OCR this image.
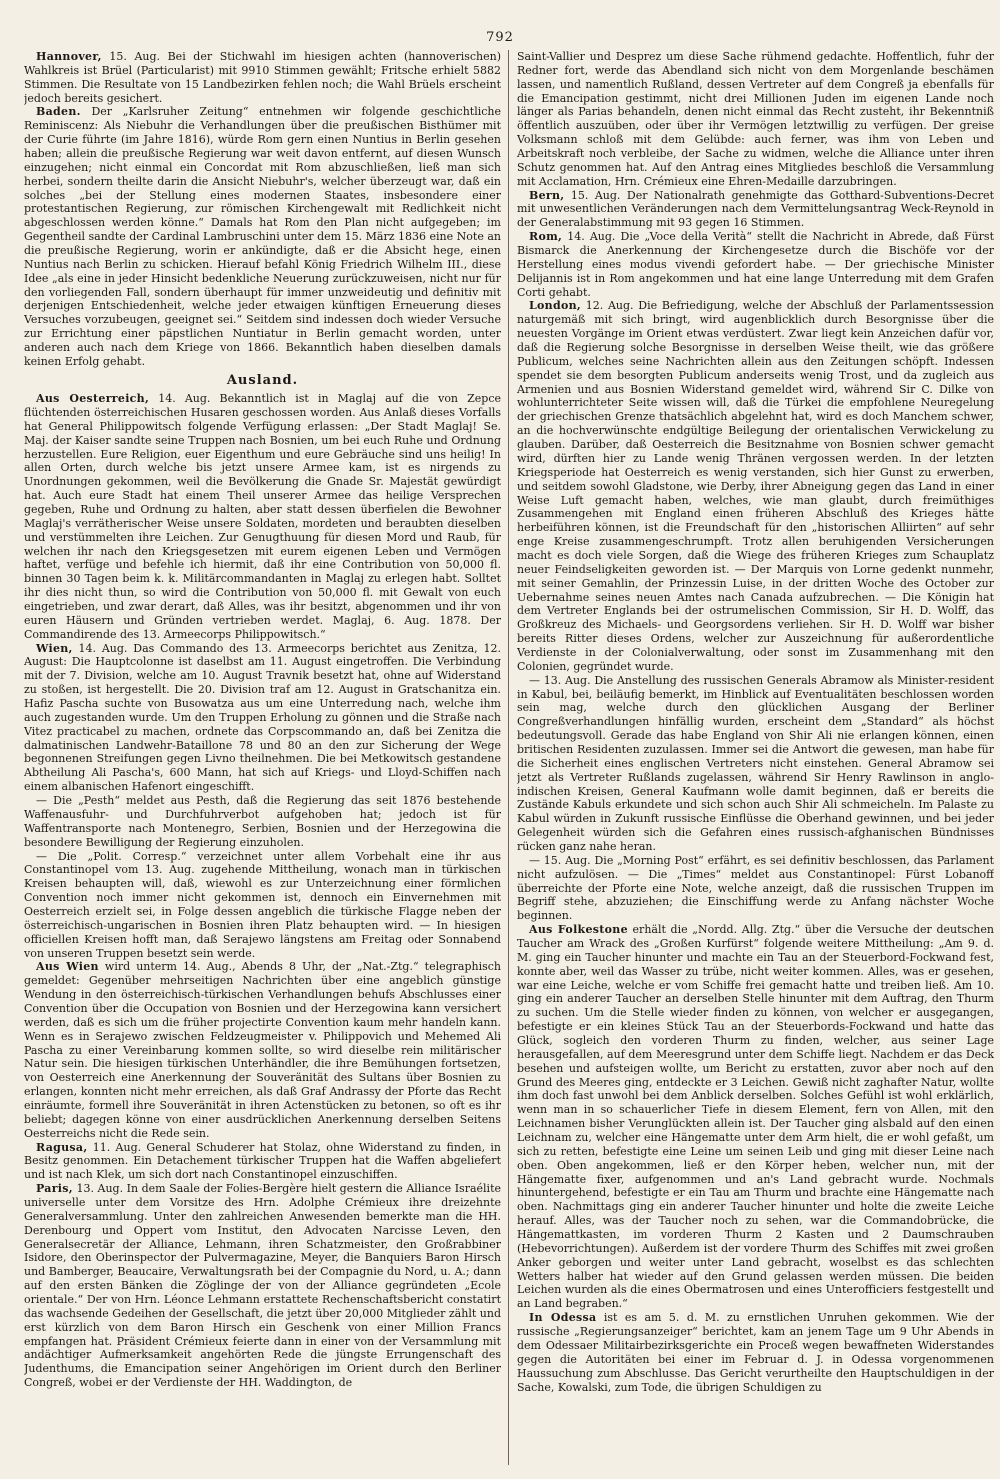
792

Hannover, 15. Aug. Bei der Stichwahl im hiesigen achten (hannoverischen) Wahlkreis ist Brüel (Particularist) mit 9910 Stimmen gewählt; Fritsche erhielt 5882 Stimmen. Die Resultate von 15 Landbezirken fehlen noch; die Wahl Brüels erscheint jedoch bereits gesichert.

Baden. Der „Karlsruher Zeitung“ entnehmen wir folgende geschichtliche Reminiscenz: Als Niebuhr die Verhandlungen über die preußischen Bisthümer mit der Curie führte (im Jahre 1816), würde Rom gern einen Nuntius in Berlin gesehen haben; allein die preußische Regierung war weit davon entfernt, auf diesen Wunsch einzugehen; nicht einmal ein Concordat mit Rom abzuschließen, ließ man sich herbei, sondern theilte darin die Ansicht Niebuhr's, welcher überzeugt war, daß ein solches „bei der Stellung eines modernen Staates, insbesondere einer protestantischen Regierung, zur römischen Kirchengewalt mit Redlichkeit nicht abgeschlossen werden könne.“ Damals hat Rom den Plan nicht aufgegeben; im Gegentheil sandte der Cardinal Lambruschini unter dem 15. März 1836 eine Note an die preußische Regierung, worin er ankündigte, daß er die Absicht hege, einen Nuntius nach Berlin zu schicken. Hierauf befahl König Friedrich Wilhelm III., diese Idee „als eine in jeder Hinsicht bedenkliche Neuerung zurückzuweisen, nicht nur für den vorliegenden Fall, sondern überhaupt für immer unzweideutig und definitiv mit derjenigen Entschiedenheit, welche jeder etwaigen künftigen Erneuerung dieses Versuches vorzubeugen, geeignet sei.“ Seitdem sind indessen doch wieder Versuche zur Errichtung einer päpstlichen Nuntiatur in Berlin gemacht worden, unter anderen auch nach dem Kriege von 1866. Bekanntlich haben dieselben damals keinen Erfolg gehabt.

Ausland.

Aus Oesterreich, 14. Aug. Bekanntlich ist in Maglaj auf die von Zepce flüchtenden österreichischen Husaren geschossen worden. Aus Anlaß dieses Vorfalls hat General Philippowitsch folgende Verfügung erlassen: „Der Stadt Maglaj! Se. Maj. der Kaiser sandte seine Truppen nach Bosnien, um bei euch Ruhe und Ordnung herzustellen. Eure Religion, euer Eigenthum und eure Gebräuche sind uns heilig! In allen Orten, durch welche bis jetzt unsere Armee kam, ist es nirgends zu Unordnungen gekommen, weil die Bevölkerung die Gnade Sr. Majestät gewürdigt hat. Auch eure Stadt hat einem Theil unserer Armee das heilige Versprechen gegeben, Ruhe und Ordnung zu halten, aber statt dessen überfielen die Bewohner Maglaj's verrätherischer Weise unsere Soldaten, mordeten und beraubten dieselben und verstümmelten ihre Leichen. Zur Genugthuung für diesen Mord und Raub, für welchen ihr nach den Kriegsgesetzen mit eurem eigenen Leben und Vermögen haftet, verfüge und befehle ich hiermit, daß ihr eine Contribution von 50,000 fl. binnen 30 Tagen beim k. k. Militärcommandanten in Maglaj zu erlegen habt. Solltet ihr dies nicht thun, so wird die Contribution von 50,000 fl. mit Gewalt von euch eingetrieben, und zwar derart, daß Alles, was ihr besitzt, abgenommen und ihr von euren Häusern und Gründen vertrieben werdet. Maglaj, 6. Aug. 1878. Der Commandirende des 13. Armeecorps Philippowitsch.“

Wien, 14. Aug. Das Commando des 13. Armeecorps berichtet aus Zenitza, 12. August: Die Hauptcolonne ist daselbst am 11. August eingetroffen. Die Verbindung mit der 7. Division, welche am 10. August Travnik besetzt hat, ohne auf Widerstand zu stoßen, ist hergestellt. Die 20. Division traf am 12. August in Gratschanitza ein. Hafiz Pascha suchte von Busowatza aus um eine Unterredung nach, welche ihm auch zugestanden wurde. Um den Truppen Erholung zu gönnen und die Straße nach Vitez practicabel zu machen, ordnete das Corpscommando an, daß bei Zenitza die dalmatinischen Landwehr-Bataillone 78 und 80 an den zur Sicherung der Wege begonnenen Streifungen gegen Livno theilnehmen. Die bei Metkowitsch gestandene Abtheilung Ali Pascha's, 600 Mann, hat sich auf Kriegs- und Lloyd-Schiffen nach einem albanischen Hafenort eingeschifft.

— Die „Pesth“ meldet aus Pesth, daß die Regierung das seit 1876 bestehende Waffenausfuhr- und Durchfuhrverbot aufgehoben hat; jedoch ist für Waffentransporte nach Montenegro, Serbien, Bosnien und der Herzegowina die besondere Bewilligung der Regierung einzuholen.

— Die „Polit. Corresp.“ verzeichnet unter allem Vorbehalt eine ihr aus Constantinopel vom 13. Aug. zugehende Mittheilung, wonach man in türkischen Kreisen behaupten will, daß, wiewohl es zur Unterzeichnung einer förmlichen Convention noch immer nicht gekommen ist, dennoch ein Einvernehmen mit Oesterreich erzielt sei, in Folge dessen angeblich die türkische Flagge neben der österreichisch-ungarischen in Bosnien ihren Platz behaupten wird. — In hiesigen officiellen Kreisen hofft man, daß Serajewo längstens am Freitag oder Sonnabend von unseren Truppen besetzt sein werde.

Aus Wien wird unterm 14. Aug., Abends 8 Uhr, der „Nat.-Ztg.“ telegraphisch gemeldet: Gegenüber mehrseitigen Nachrichten über eine angeblich günstige Wendung in den österreichisch-türkischen Verhandlungen behufs Abschlusses einer Convention über die Occupation von Bosnien und der Herzegowina kann versichert werden, daß es sich um die früher projectirte Convention kaum mehr handeln kann. Wenn es in Serajewo zwischen Feldzeugmeister v. Philippovich und Mehemed Ali Pascha zu einer Vereinbarung kommen sollte, so wird dieselbe rein militärischer Natur sein. Die hiesigen türkischen Unterhändler, die ihre Bemühungen fortsetzen, von Oesterreich eine Anerkennung der Souveränität des Sultans über Bosnien zu erlangen, konnten nicht mehr erreichen, als daß Graf Andrassy der Pforte das Recht einräumte, formell ihre Souveränität in ihren Actenstücken zu betonen, so oft es ihr beliebt; dagegen könne von einer ausdrücklichen Anerkennung derselben Seitens Oesterreichs nicht die Rede sein.

Ragusa, 11. Aug. General Schuderer hat Stolaz, ohne Widerstand zu finden, in Besitz genommen. Ein Detachement türkischer Truppen hat die Waffen abgeliefert und ist nach Klek, um sich dort nach Constantinopel einzuschiffen.

Paris, 13. Aug. In dem Saale der Folies-Bergère hielt gestern die Alliance Israélite universelle unter dem Vorsitze des Hrn. Adolphe Crémieux ihre dreizehnte Generalversammlung. Unter den zahlreichen Anwesenden bemerkte man die HH. Derenbourg und Oppert vom Institut, den Advocaten Narcisse Leven, den Generalsecretär der Alliance, Lehmann, ihren Schatzmeister, den Großrabbiner Isidore, den Oberinspector der Pulvermagazine, Meyer, die Banquiers Baron Hirsch und Bamberger, Beaucaire, Verwaltungsrath bei der Compagnie du Nord, u. A.; dann auf den ersten Bänken die Zöglinge der von der Alliance gegründeten „Ecole orientale.“ Der von Hrn. Léonce Lehmann erstattete Rechenschaftsbericht constatirt das wachsende Gedeihen der Gesellschaft, die jetzt über 20,000 Mitglieder zählt und erst kürzlich von dem Baron Hirsch ein Geschenk von einer Million Francs empfangen hat. Präsident Crémieux feierte dann in einer von der Versammlung mit andächtiger Aufmerksamkeit angehörten Rede die jüngste Errungenschaft des Judenthums, die Emancipation seiner Angehörigen im Orient durch den Berliner Congreß, wobei er der Verdienste der HH. Waddington, de

Saint-Vallier und Desprez um diese Sache rühmend gedachte. Hoffentlich, fuhr der Redner fort, werde das Abendland sich nicht von dem Morgenlande beschämen lassen, und namentlich Rußland, dessen Vertreter auf dem Congreß ja ebenfalls für die Emancipation gestimmt, nicht drei Millionen Juden im eigenen Lande noch länger als Parias behandeln, denen nicht einmal das Recht zusteht, ihr Bekenntniß öffentlich auszuüben, oder über ihr Vermögen letztwillig zu verfügen. Der greise Volksmann schloß mit dem Gelübde: auch ferner, was ihm von Leben und Arbeitskraft noch verbleibe, der Sache zu widmen, welche die Alliance unter ihren Schutz genommen hat. Auf den Antrag eines Mitgliedes beschloß die Versammlung mit Acclamation, Hrn. Crémieux eine Ehren-Medaille darzubringen.

Bern, 15. Aug. Der Nationalrath genehmigte das Gotthard-Subventions-Decret mit unwesentlichen Veränderungen nach dem Vermittelungsantrag Weck-Reynold in der Generalabstimmung mit 93 gegen 16 Stimmen.

Rom, 14. Aug. Die „Voce della Verità“ stellt die Nachricht in Abrede, daß Fürst Bismarck die Anerkennung der Kirchengesetze durch die Bischöfe vor der Herstellung eines modus vivendi gefordert habe. — Der griechische Minister Delijannis ist in Rom angekommen und hat eine lange Unterredung mit dem Grafen Corti gehabt.

London, 12. Aug. Die Befriedigung, welche der Abschluß der Parlamentssession naturgemäß mit sich bringt, wird augenblicklich durch Besorgnisse über die neuesten Vorgänge im Orient etwas verdüstert. Zwar liegt kein Anzeichen dafür vor, daß die Regierung solche Besorgnisse in derselben Weise theilt, wie das größere Publicum, welches seine Nachrichten allein aus den Zeitungen schöpft. Indessen spendet sie dem besorgten Publicum anderseits wenig Trost, und da zugleich aus Armenien und aus Bosnien Widerstand gemeldet wird, während Sir C. Dilke von wohlunterrichteter Seite wissen will, daß die Türkei die empfohlene Neuregelung der griechischen Grenze thatsächlich abgelehnt hat, wird es doch Manchem schwer, an die hochverwünschte endgültige Beilegung der orientalischen Verwickelung zu glauben. Darüber, daß Oesterreich die Besitznahme von Bosnien schwer gemacht wird, dürften hier zu Lande wenig Thränen vergossen werden. In der letzten Kriegsperiode hat Oesterreich es wenig verstanden, sich hier Gunst zu erwerben, und seitdem sowohl Gladstone, wie Derby, ihrer Abneigung gegen das Land in einer Weise Luft gemacht haben, welches, wie man glaubt, durch freimüthiges Zusammengehen mit England einen früheren Abschluß des Krieges hätte herbeiführen können, ist die Freundschaft für den „historischen Alliirten“ auf sehr enge Kreise zusammengeschrumpft. Trotz allen beruhigenden Versicherungen macht es doch viele Sorgen, daß die Wiege des früheren Krieges zum Schauplatz neuer Feindseligkeiten geworden ist. — Der Marquis von Lorne gedenkt nunmehr, mit seiner Gemahlin, der Prinzessin Luise, in der dritten Woche des October zur Uebernahme seines neuen Amtes nach Canada aufzubrechen. — Die Königin hat dem Vertreter Englands bei der ostrumelischen Commission, Sir H. D. Wolff, das Großkreuz des Michaels- und Georgsordens verliehen. Sir H. D. Wolff war bisher bereits Ritter dieses Ordens, welcher zur Auszeichnung für außerordentliche Verdienste in der Colonialverwaltung, oder sonst im Zusammenhang mit den Colonien, gegründet wurde.

— 13. Aug. Die Anstellung des russischen Generals Abramow als Minister-resident in Kabul, bei, beiläufig bemerkt, im Hinblick auf Eventualitäten beschlossen worden sein mag, welche durch den glücklichen Ausgang der Berliner Congreßverhandlungen hinfällig wurden, erscheint dem „Standard“ als höchst bedeutungsvoll. Gerade das habe England von Shir Ali nie erlangen können, einen britischen Residenten zuzulassen. Immer sei die Antwort die gewesen, man habe für die Sicherheit eines englischen Vertreters nicht einstehen. General Abramow sei jetzt als Vertreter Rußlands zugelassen, während Sir Henry Rawlinson in anglo-indischen Kreisen, General Kaufmann wolle damit beginnen, daß er bereits die Zustände Kabuls erkundete und sich schon auch Shir Ali schmeicheln. Im Palaste zu Kabul würden in Zukunft russische Einflüsse die Oberhand gewinnen, und bei jeder Gelegenheit würden sich die Gefahren eines russisch-afghanischen Bündnisses rücken ganz nahe heran.

— 15. Aug. Die „Morning Post“ erfährt, es sei definitiv beschlossen, das Parlament nicht aufzulösen. — Die „Times“ meldet aus Constantinopel: Fürst Lobanoff überreichte der Pforte eine Note, welche anzeigt, daß die russischen Truppen im Begriff stehe, abzuziehen; die Einschiffung werde zu Anfang nächster Woche beginnen.

Aus Folkestone erhält die „Nordd. Allg. Ztg.“ über die Versuche der deutschen Taucher am Wrack des „Großen Kurfürst“ folgende weitere Mittheilung: „Am 9. d. M. ging ein Taucher hinunter und machte ein Tau an der Steuerbord-Fockwand fest, konnte aber, weil das Wasser zu trübe, nicht weiter kommen. Alles, was er gesehen, war eine Leiche, welche er vom Schiffe frei gemacht hatte und treiben ließ. Am 10. ging ein anderer Taucher an derselben Stelle hinunter mit dem Auftrag, den Thurm zu suchen. Um die Stelle wieder finden zu können, von welcher er ausgegangen, befestigte er ein kleines Stück Tau an der Steuerbords-Fockwand und hatte das Glück, sogleich den vorderen Thurm zu finden, welcher, aus seiner Lage herausgefallen, auf dem Meeresgrund unter dem Schiffe liegt. Nachdem er das Deck besehen und aufsteigen wollte, um Bericht zu erstatten, zuvor aber noch auf den Grund des Meeres ging, entdeckte er 3 Leichen. Gewiß nicht zaghafter Natur, wollte ihm doch fast unwohl bei dem Anblick derselben. Solches Gefühl ist wohl erklärlich, wenn man in so schauerlicher Tiefe in diesem Element, fern von Allen, mit den Leichnamen bisher Verunglückten allein ist. Der Taucher ging alsbald auf den einen Leichnam zu, welcher eine Hängematte unter dem Arm hielt, die er wohl gefaßt, um sich zu retten, befestigte eine Leine um seinen Leib und ging mit dieser Leine nach oben. Oben angekommen, ließ er den Körper heben, welcher nun, mit der Hängematte fixer, aufgenommen und an's Land gebracht wurde. Nochmals hinuntergehend, befestigte er ein Tau am Thurm und brachte eine Hängematte nach oben. Nachmittags ging ein anderer Taucher hinunter und holte die zweite Leiche herauf. Alles, was der Taucher noch zu sehen, war die Commandobrücke, die Hängemattkasten, im vorderen Thurm 2 Kasten und 2 Daumschrauben (Hebevorrichtungen). Außerdem ist der vordere Thurm des Schiffes mit zwei großen Anker geborgen und weiter unter Land gebracht, woselbst es das schlechten Wetters halber hat wieder auf den Grund gelassen werden müssen. Die beiden Leichen wurden als die eines Obermatrosen und eines Unterofficiers festgestellt und an Land begraben.“

In Odessa ist es am 5. d. M. zu ernstlichen Unruhen gekommen. Wie der russische „Regierungsanzeiger“ berichtet, kam an jenem Tage um 9 Uhr Abends in dem Odessaer Militairbezirksgerichte ein Proceß wegen bewaffneten Widerstandes gegen die Autoritäten bei einer im Februar d. J. in Odessa vorgenommenen Haussuchung zum Abschlusse. Das Gericht verurtheilte den Hauptschuldigen in der Sache, Kowalski, zum Tode, die übrigen Schuldigen zu
